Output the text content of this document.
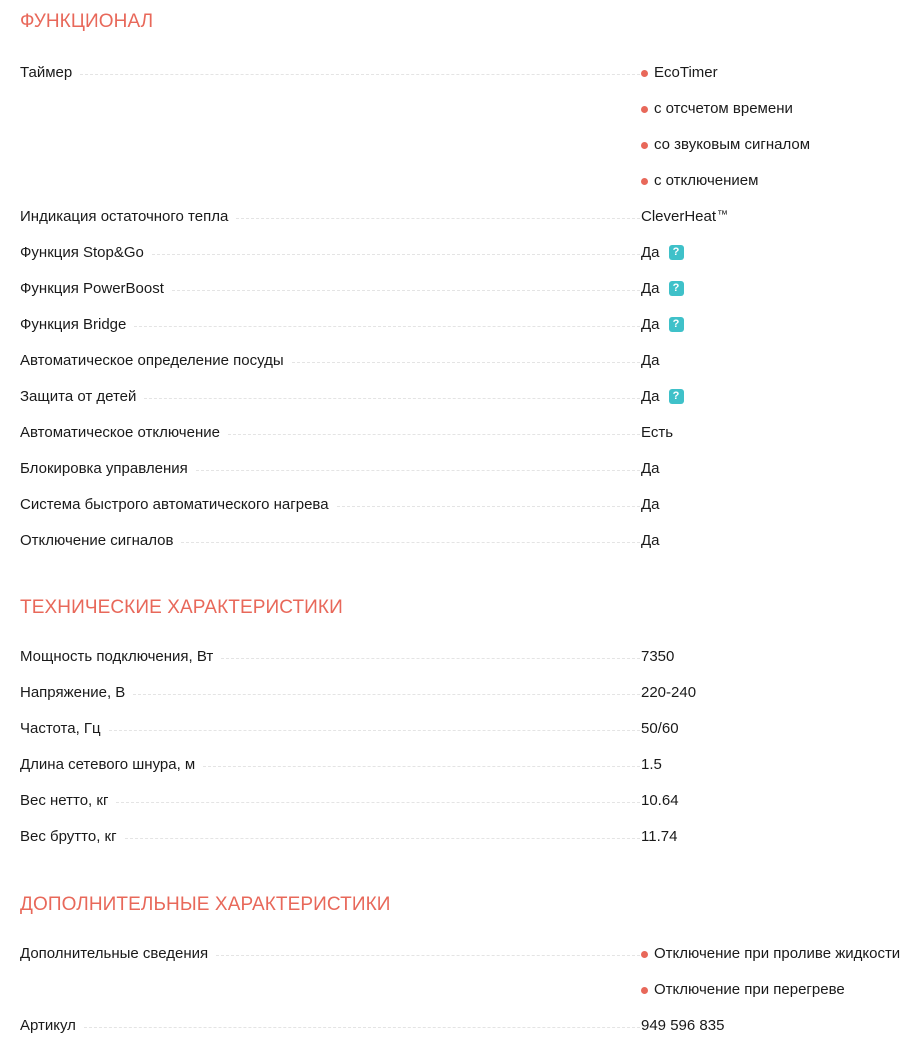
ФУНКЦИОНАЛ
Таймер	EcoTimer
с отсчетом времени
со звуковым сигналом
с отключением
Индикация остаточного тепла	CleverHeat ™
Функция Stop&Go	Да	?
Функция PowerBoost	Да	?
Функция Bridge	Да	?
Автоматическое определение посуды	Да
Защита от детей	Да	?
Автоматическое отключение	Есть
Блокировка управления	Да
Система быстрого автоматического нагрева	Да
Отключение сигналов	Да
ТЕХНИЧЕСКИЕ ХАРАКТЕРИСТИКИ
Мощность подключения, Вт	7350
Напряжение, В	220-240
Частота, Гц	50/60
Длина сетевого шнура, м	1.5
Вес нетто, кг	10.64
Вес брутто, кг	11.74
ДОПОЛНИТЕЛЬНЫЕ ХАРАКТЕРИСТИКИ
Дополнительные сведения	Отключение при проливе жидкости
Отключение при перегреве
Артикул	949 596 835
